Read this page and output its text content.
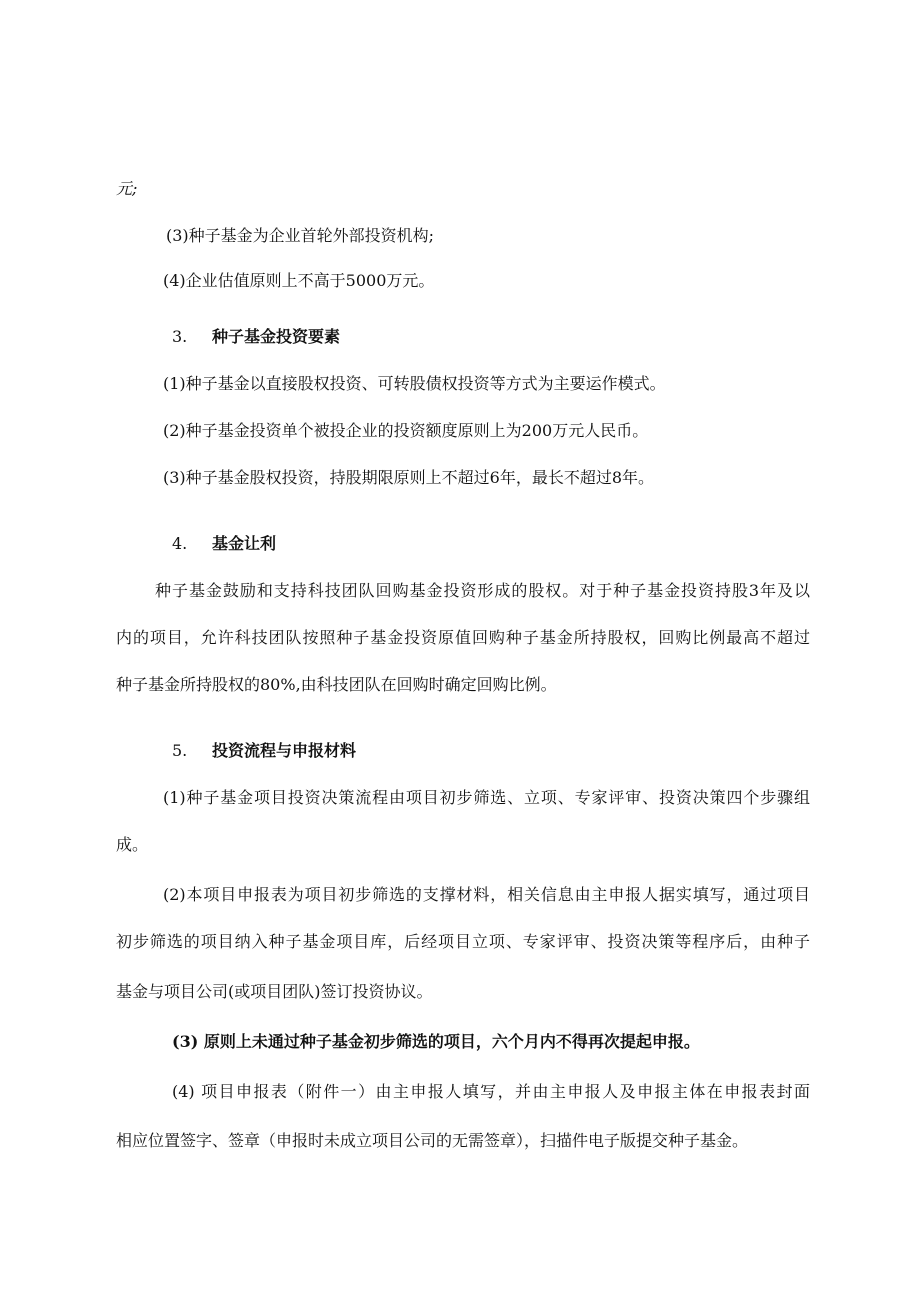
元;
(3)种子基金为企业首轮外部投资机构;
(4)企业估值原则上不高于5000万元。
3. 种子基金投资要素
(1)种子基金以直接股权投资、可转股债权投资等方式为主要运作模式。
(2)种子基金投资单个被投企业的投资额度原则上为200万元人民币。
(3)种子基金股权投资，持股期限原则上不超过6年，最长不超过8年。
4. 基金让利
种子基金鼓励和支持科技团队回购基金投资形成的股权。对于种子基金投资持股3年及以
内的项目，允许科技团队按照种子基金投资原值回购种子基金所持股权，回购比例最高不超过
种子基金所持股权的80%,由科技团队在回购时确定回购比例。
5. 投资流程与申报材料
(1)种子基金项目投资决策流程由项目初步筛选、立项、专家评审、投资决策四个步骤组
成。
(2)本项目申报表为项目初步筛选的支撑材料，相关信息由主申报人据实填写，通过项目
初步筛选的项目纳入种子基金项目库，后经项目立项、专家评审、投资决策等程序后，由种子
基金与项目公司(或项目团队)签订投资协议。
(3) 原则上未通过种子基金初步筛选的项目，六个月内不得再次提起申报。
(4) 项目申报表（附件一）由主申报人填写，并由主申报人及申报主体在申报表封面
相应位置签字、签章（申报时未成立项目公司的无需签章），扫描件电子版提交种子基金。
